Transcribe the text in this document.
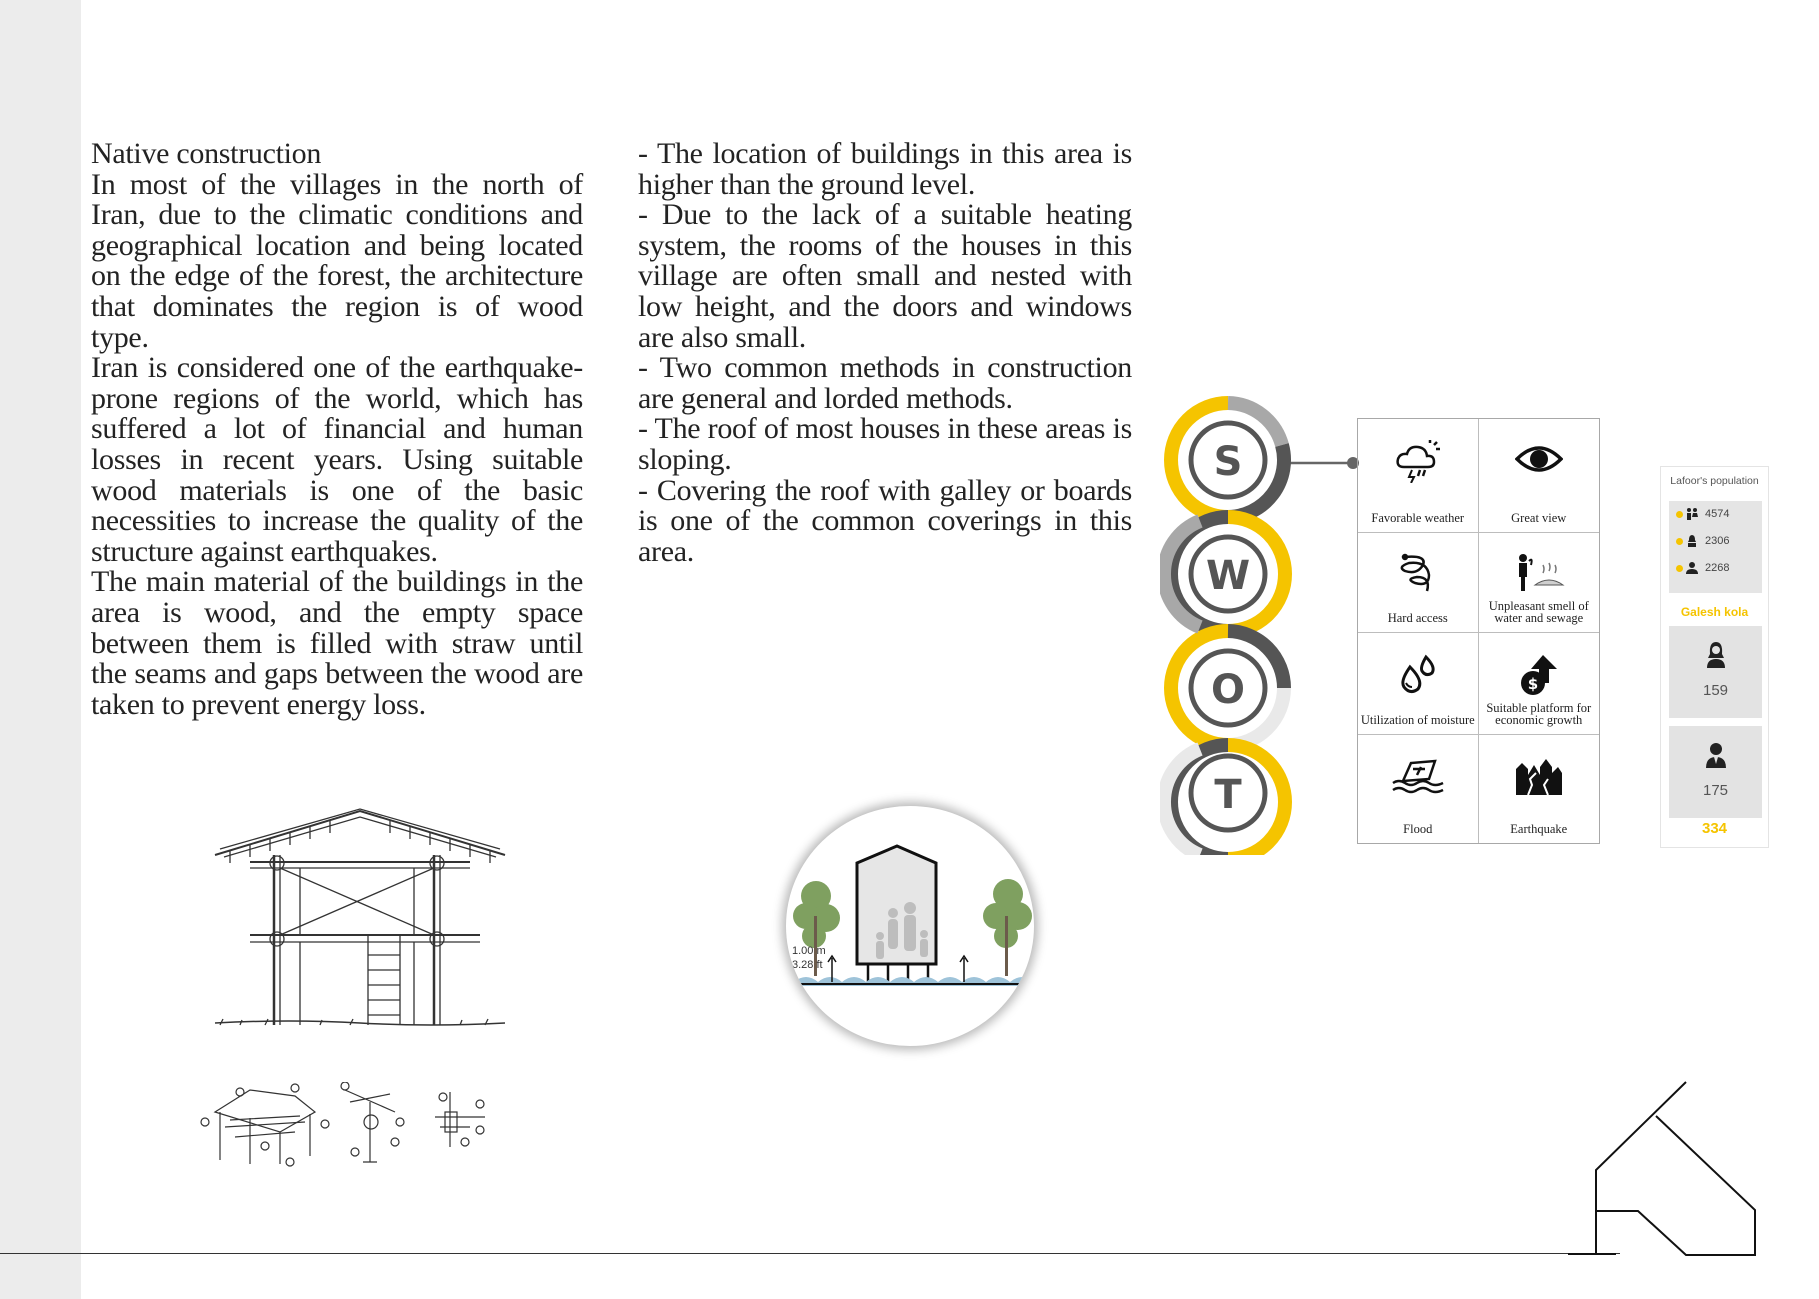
Native construction

In most of the villages in the north of Iran, due to the climatic conditions and geographical location and being located on the edge of the forest, the architecture that dominates the region is of wood type.

Iran is considered one of the earthquake-prone regions of the world, which has suffered a lot of financial and human losses in recent years. Using suitable wood materials is one of the basic necessities to increase the quality of the structure against earthquakes.

The main material of the buildings in the area is wood, and the empty space between them is filled with straw until the seams and gaps between the wood are taken to prevent energy loss.

- The location of buildings in this area is higher than the ground level.

- Due to the lack of a suitable heating system, the rooms of the houses in this village are often small and nested with low height, and the doors and windows are also small.

- Two common methods in construction are general and lorded methods.

- The roof of most houses in these areas is sloping.

- Covering the roof with galley or boards is one of the common coverings in this area.

1.00 m
3.28 ft
S
W
O
T
Favorable weather	Great view
Hard access
Unpleasant smell of water and sewage
Utilization of moisture
$
Suitable platform for economic growth
Flood	Earthquake
Lafoor's population
4574
2306
2268
Galesh kola
159
175
334
